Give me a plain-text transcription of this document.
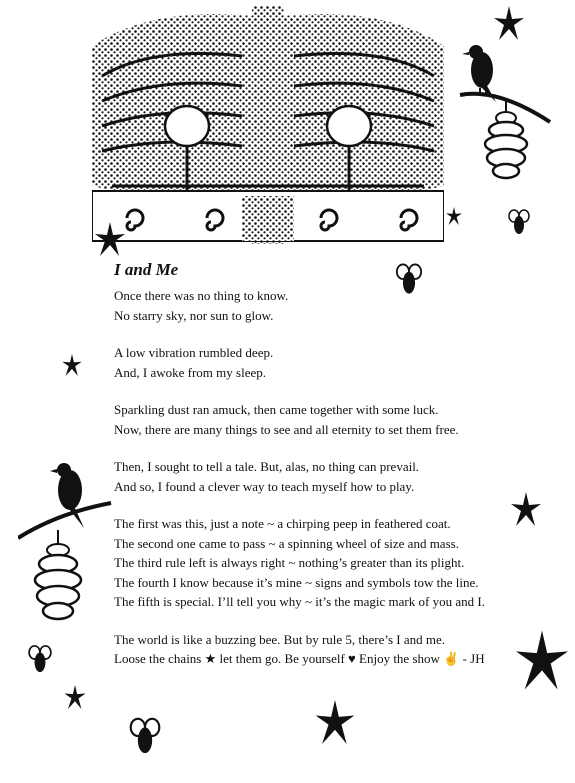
I and Me
Once there was no thing to know.
No starry sky, nor sun to glow.
A low vibration rumbled deep.
And, I awoke from my sleep.
Sparkling dust ran amuck, then came together with some luck.
Now, there are many things to see and all eternity to set them free.
Then, I sought to tell a tale. But, alas, no thing can prevail.
And so, I found a clever way to teach myself how to play.
The first was this, just a note ~ a chirping peep in feathered coat.
The second one came to pass ~ a spinning wheel of size and mass.
The third rule left is always right ~ nothing’s greater than its plight.
The fourth I know because it’s mine ~ signs and symbols tow the line.
The fifth is special. I’ll tell you why ~ it’s the magic mark of you and I.
The world is like a buzzing bee. But by rule 5, there’s I and me.
Loose the chains ★ let them go. Be yourself ♥ Enjoy the show ✌ - JH
